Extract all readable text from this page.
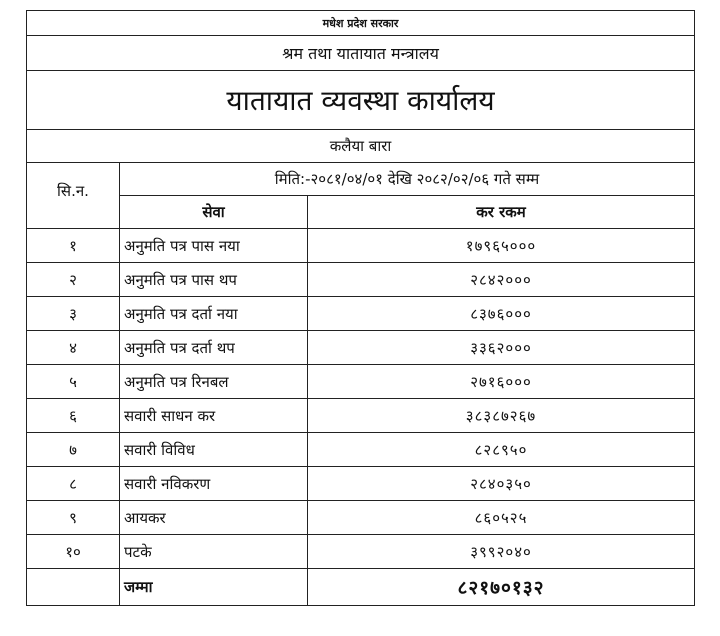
मधेश प्रदेश सरकार		
श्रम तथा यातायात मन्त्रालय		
यातायात व्यवस्था कार्यालय		
कलैया बारा		
सि.न.	मिति:-२०८१/०४/०१ देखि २०८२/०२/०६ गते सम्म	
	सेवा	कर रकम
१	अनुमति पत्र पास नया	१७९६५०००
२	अनुमति पत्र पास थप	२८४२०००
३	अनुमति पत्र दर्ता नया	८३७६०००
४	अनुमति पत्र दर्ता थप	३३६२०००
५	अनुमति पत्र रिनबल	२७१६०००
६	सवारी साधन कर	३८३८७२६७
७	सवारी विविध	८२८९५०
८	सवारी नविकरण	२८४०३५०
९	आयकर	८६०५२५
१०	पटके	३९९२०४०
	जम्मा	८२१७०१३२
